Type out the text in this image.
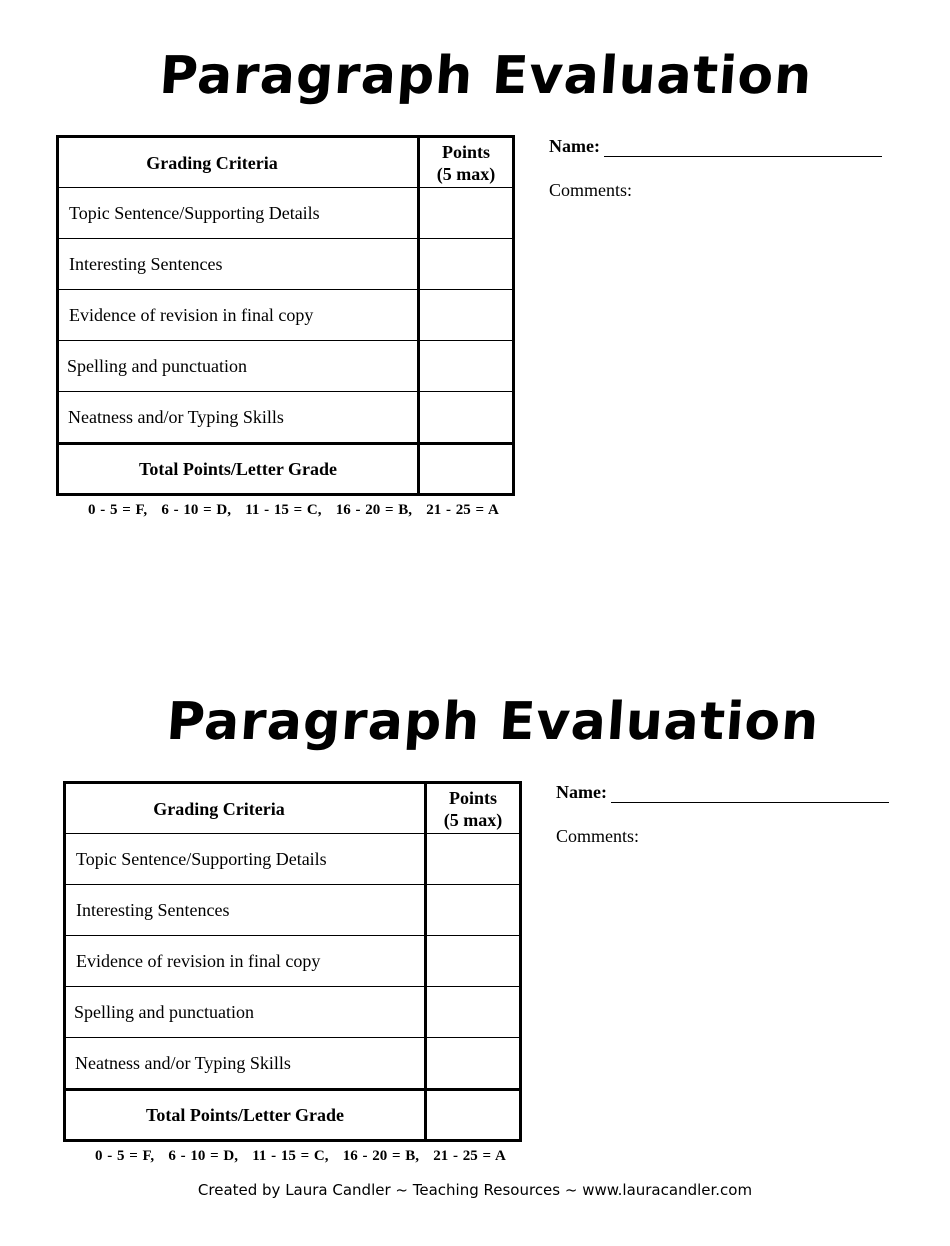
Paragraph Evaluation
Grading Criteria	Points
(5 max)
Topic Sentence/Supporting Details	
Interesting Sentences	
Evidence of revision in final copy	
Spelling and punctuation	
Neatness and/or Typing Skills	
Total Points/Letter Grade	
0 - 5 = F,   6 - 10 = D,   11 - 15 = C,   16 - 20 = B,   21 - 25 = A
Name:
Comments:
Paragraph Evaluation
Grading Criteria	Points
(5 max)
Topic Sentence/Supporting Details	
Interesting Sentences	
Evidence of revision in final copy	
Spelling and punctuation	
Neatness and/or Typing Skills	
Total Points/Letter Grade	
0 - 5 = F,   6 - 10 = D,   11 - 15 = C,   16 - 20 = B,   21 - 25 = A
Name:
Comments:
Created by Laura Candler ~ Teaching Resources ~ www.lauracandler.com
